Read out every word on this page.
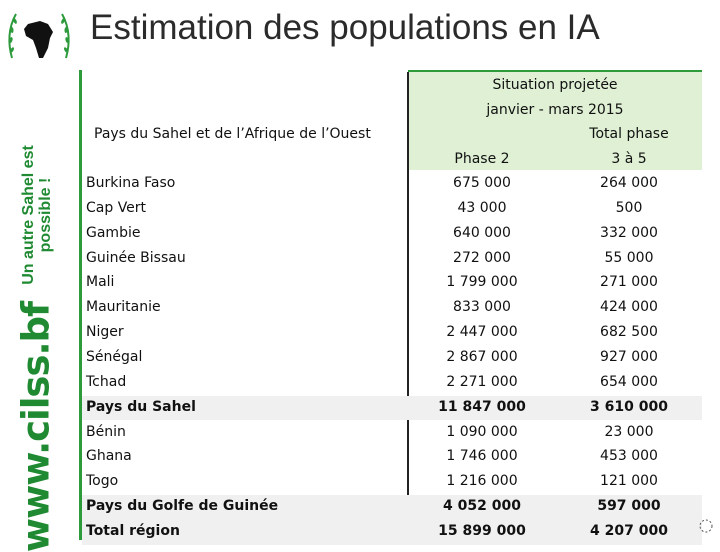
Un autre Sahel est possible !
www.cilss.bf
Estimation des populations en IA
Pays du Sahel et de l’Afrique de l’Ouest
Situation projetée
janvier - mars 2015
Total phase
Phase 2	3 à 5
Burkina Faso	675 000	264 000
Cap Vert	43 000	500
Gambie	640 000	332 000
Guinée Bissau	272 000	55 000
Mali	1 799 000	271 000
Mauritanie	833 000	424 000
Niger	2 447 000	682 500
Sénégal	2 867 000	927 000
Tchad	2 271 000	654 000
Pays du Sahel	11 847 000	3 610 000
Bénin	1 090 000	23 000
Ghana	1 746 000	453 000
Togo	1 216 000	121 000
Pays du Golfe de Guinée	4 052 000	597 000
Total région	15 899 000	4 207 000
